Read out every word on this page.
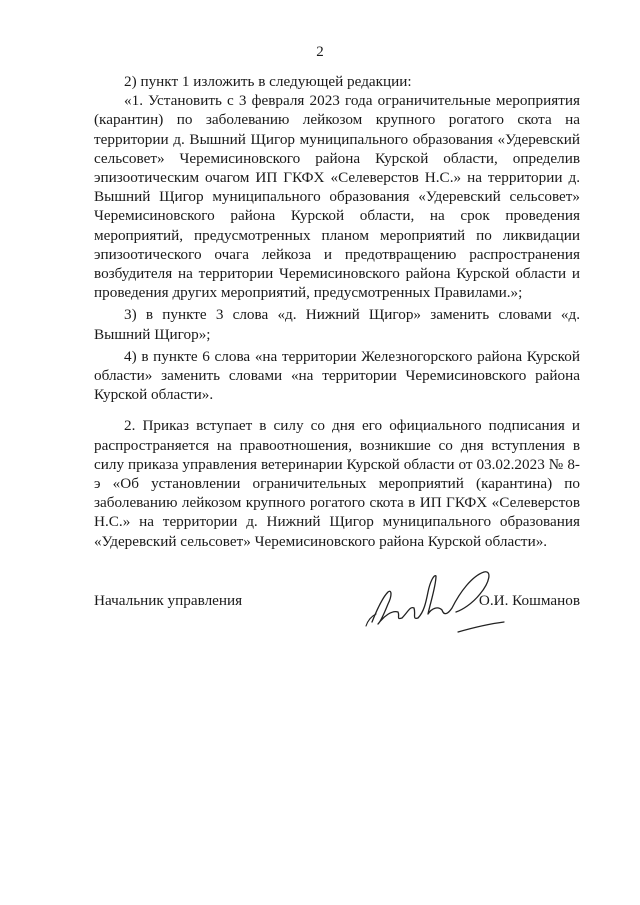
2

2) пункт 1 изложить в следующей редакции:

«1. Установить с 3 февраля 2023 года ограничительные мероприятия (карантин) по заболеванию лейкозом крупного рогатого скота на территории д. Вышний Щигор муниципального образования «Удеревский сельсовет» Черемисиновского района Курской области, определив эпизоотическим очагом ИП ГКФХ «Селеверстов Н.С.» на территории д. Вышний Щигор муниципального образования «Удеревский сельсовет» Черемисиновского района Курской области, на срок проведения мероприятий, предусмотренных планом мероприятий по ликвидации эпизоотического очага лейкоза и предотвращению распространения возбудителя на территории Черемисиновского района Курской области и проведения других мероприятий, предусмотренных Правилами.»;

3) в пункте 3 слова «д. Нижний Щигор» заменить словами «д. Вышний Щигор»;

4) в пункте 6 слова «на территории Железногорского района Курской области» заменить словами «на территории Черемисиновского района Курской области».

2. Приказ вступает в силу со дня его официального подписания и распространяется на правоотношения, возникшие со дня вступления в силу приказа управления ветеринарии Курской области от 03.02.2023 № 8-э «Об установлении ограничительных мероприятий (карантина) по заболеванию лейкозом крупного рогатого скота в ИП ГКФХ «Селеверстов Н.С.» на территории д. Нижний Щигор муниципального образования «Удеревский сельсовет» Черемисиновского района Курской области».

Начальник управления	О.И. Кошманов
